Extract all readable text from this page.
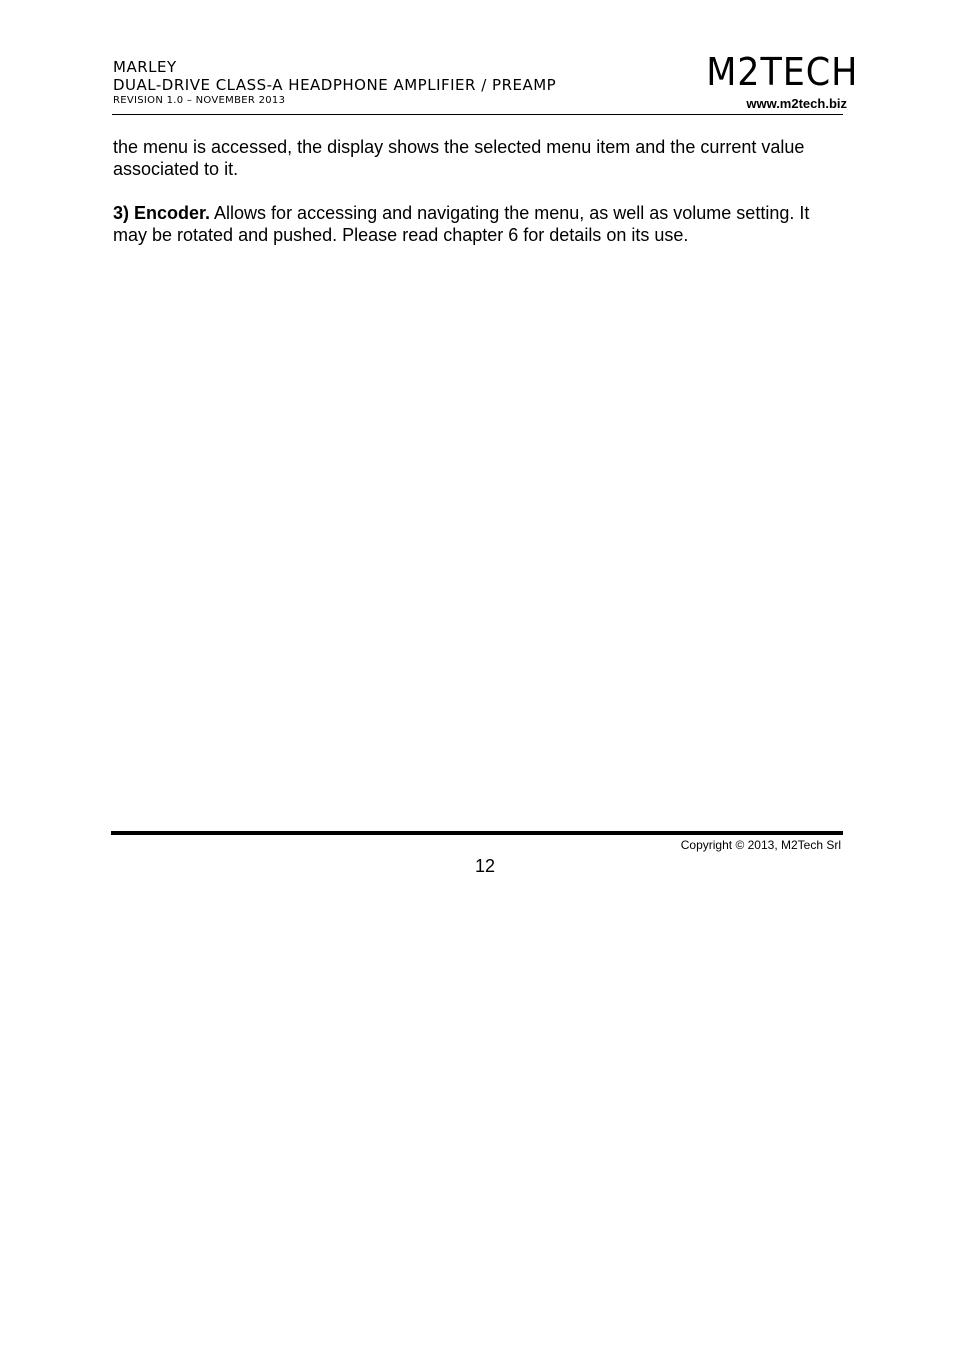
MARLEY
DUAL-DRIVE CLASS-A HEADPHONE AMPLIFIER / PREAMP
REVISION 1.0 – NOVEMBER 2013
M2TECH
www.m2tech.biz

the menu is accessed, the display shows the selected menu item and the current value associated to it.

3) Encoder. Allows for accessing and navigating the menu, as well as volume setting. It may be rotated and pushed. Please read chapter 6 for details on its use.

Copyright © 2013, M2Tech Srl
12
